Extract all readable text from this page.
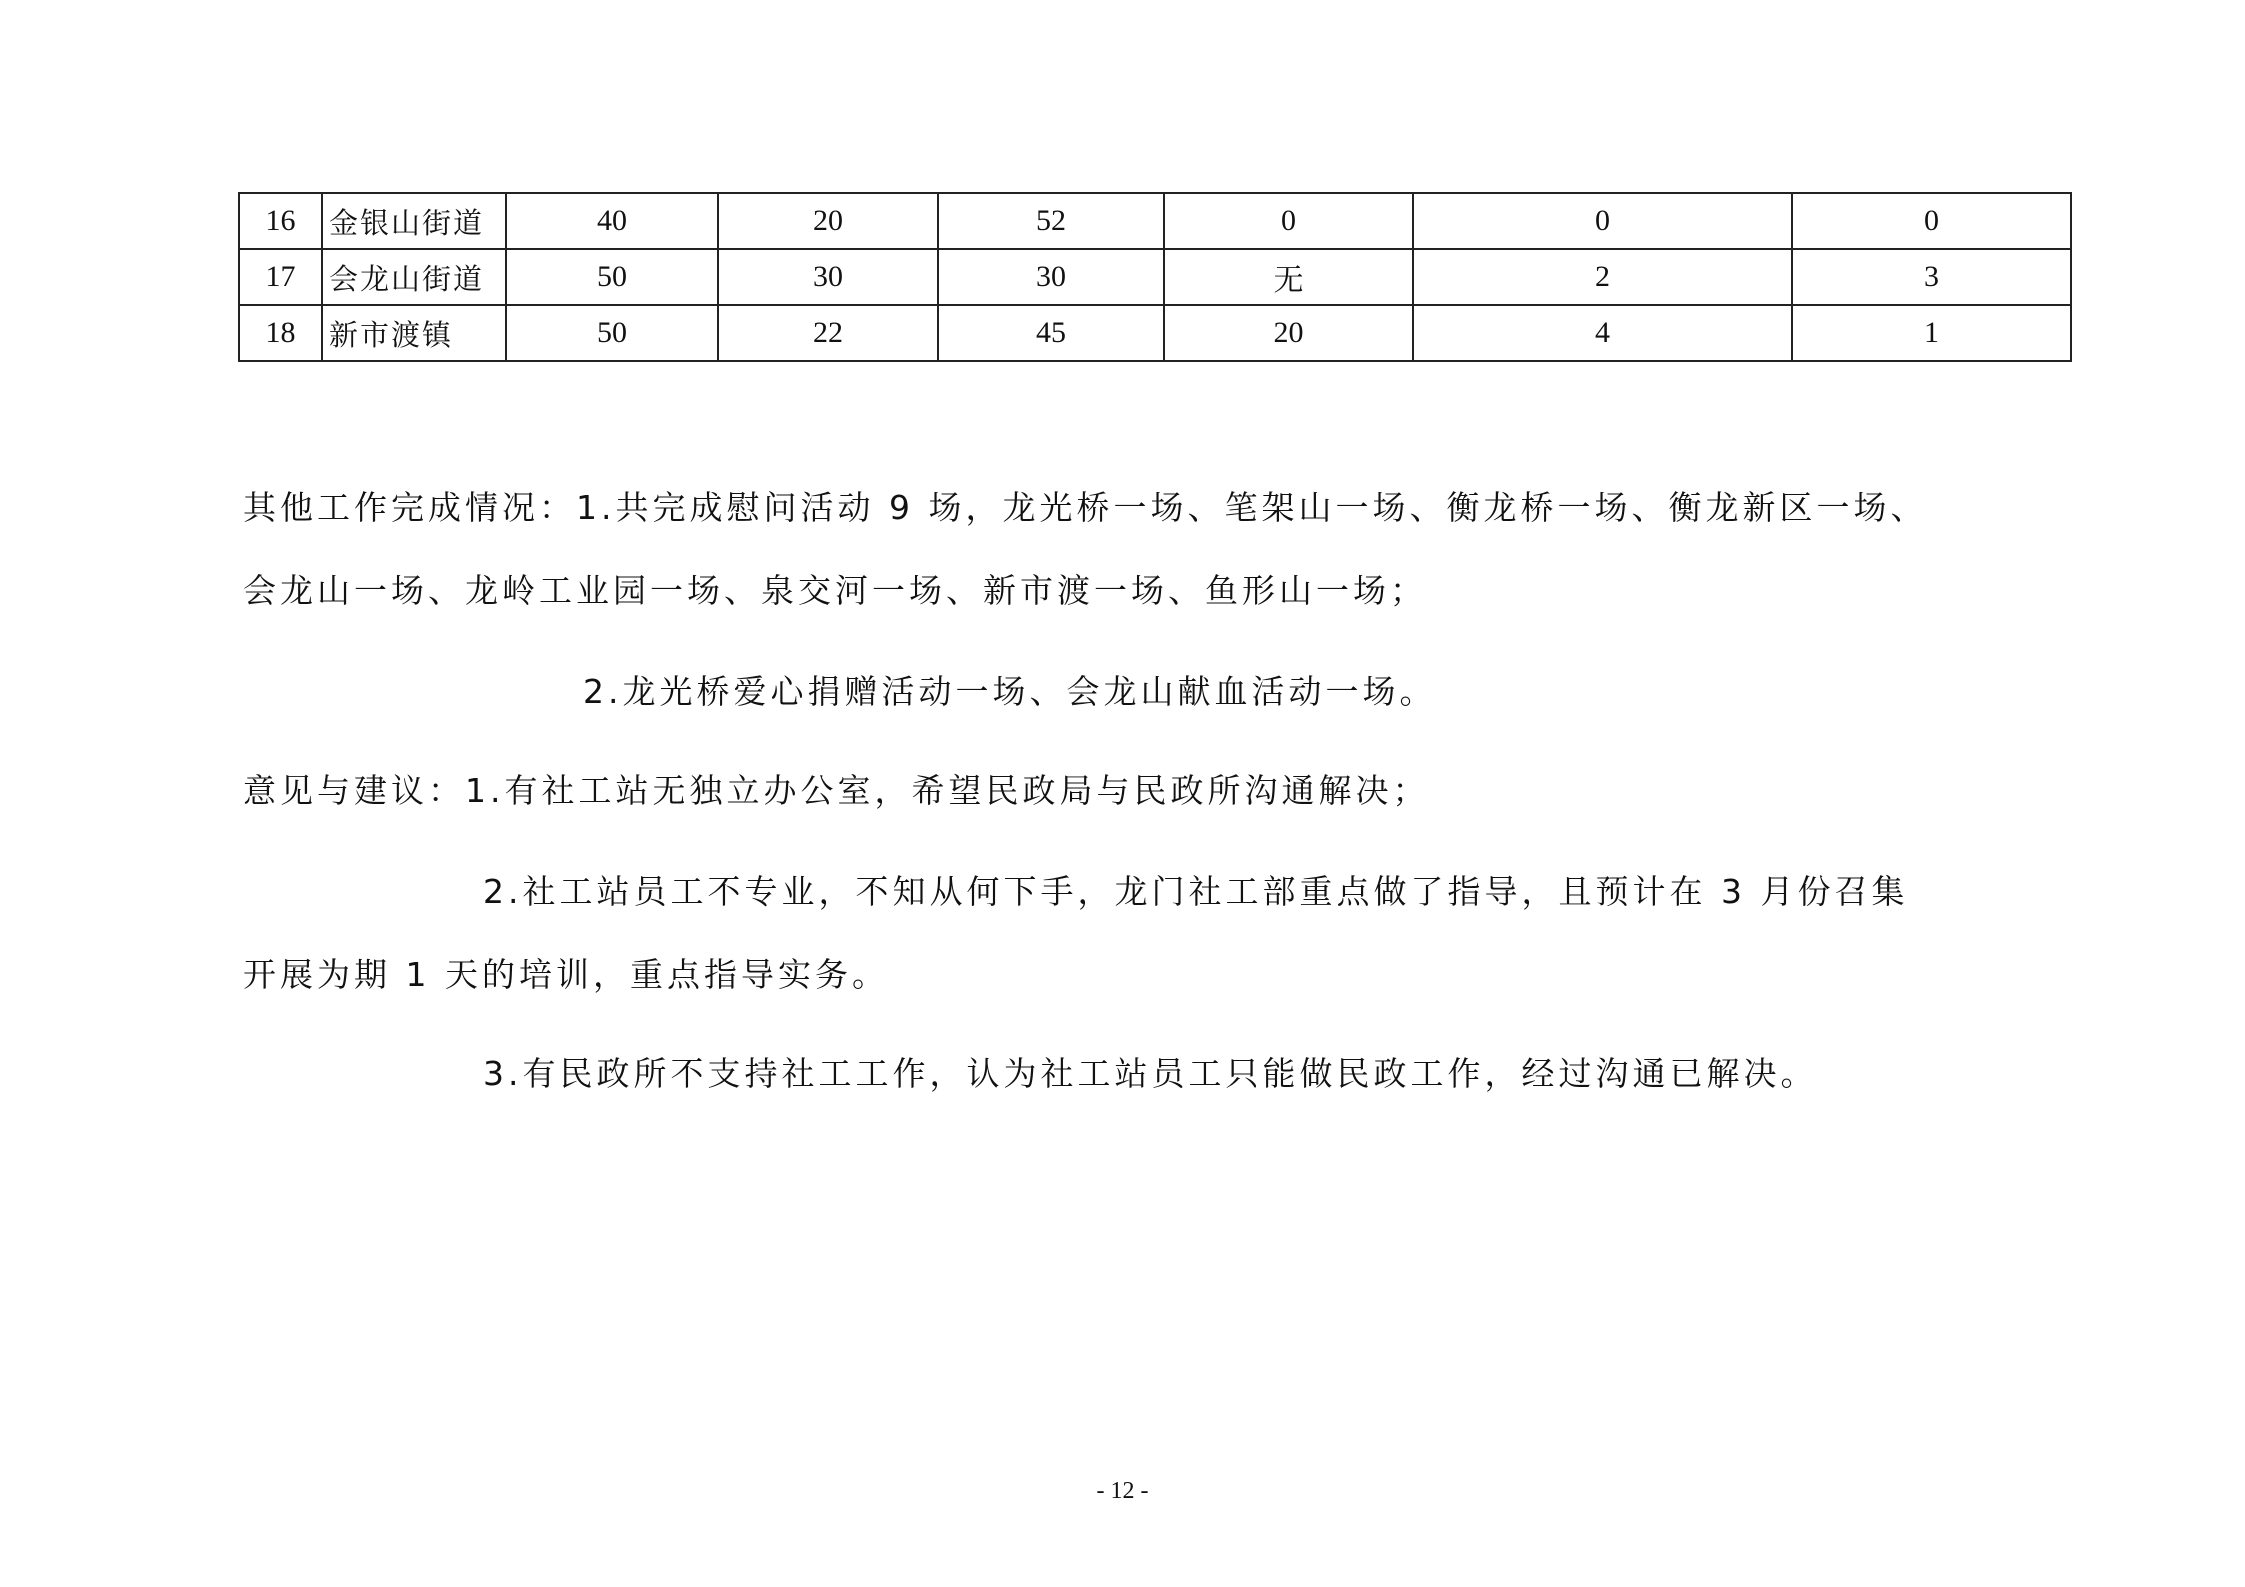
16	金银山街道	40	20	52	0	0	0
17	会龙山街道	50	30	30	无	2	3
18	新市渡镇	50	22	45	20	4	1
其他工作完成情况：1.共完成慰问活动 9 场，龙光桥一场、笔架山一场、衡龙桥一场、衡龙新区一场、
会龙山一场、龙岭工业园一场、泉交河一场、新市渡一场、鱼形山一场；
2.龙光桥爱心捐赠活动一场、会龙山献血活动一场。
意见与建议：1.有社工站无独立办公室，希望民政局与民政所沟通解决；
2.社工站员工不专业，不知从何下手，龙门社工部重点做了指导，且预计在 3 月份召集
开展为期 1 天的培训，重点指导实务。
3.有民政所不支持社工工作，认为社工站员工只能做民政工作，经过沟通已解决。
- 12 -
